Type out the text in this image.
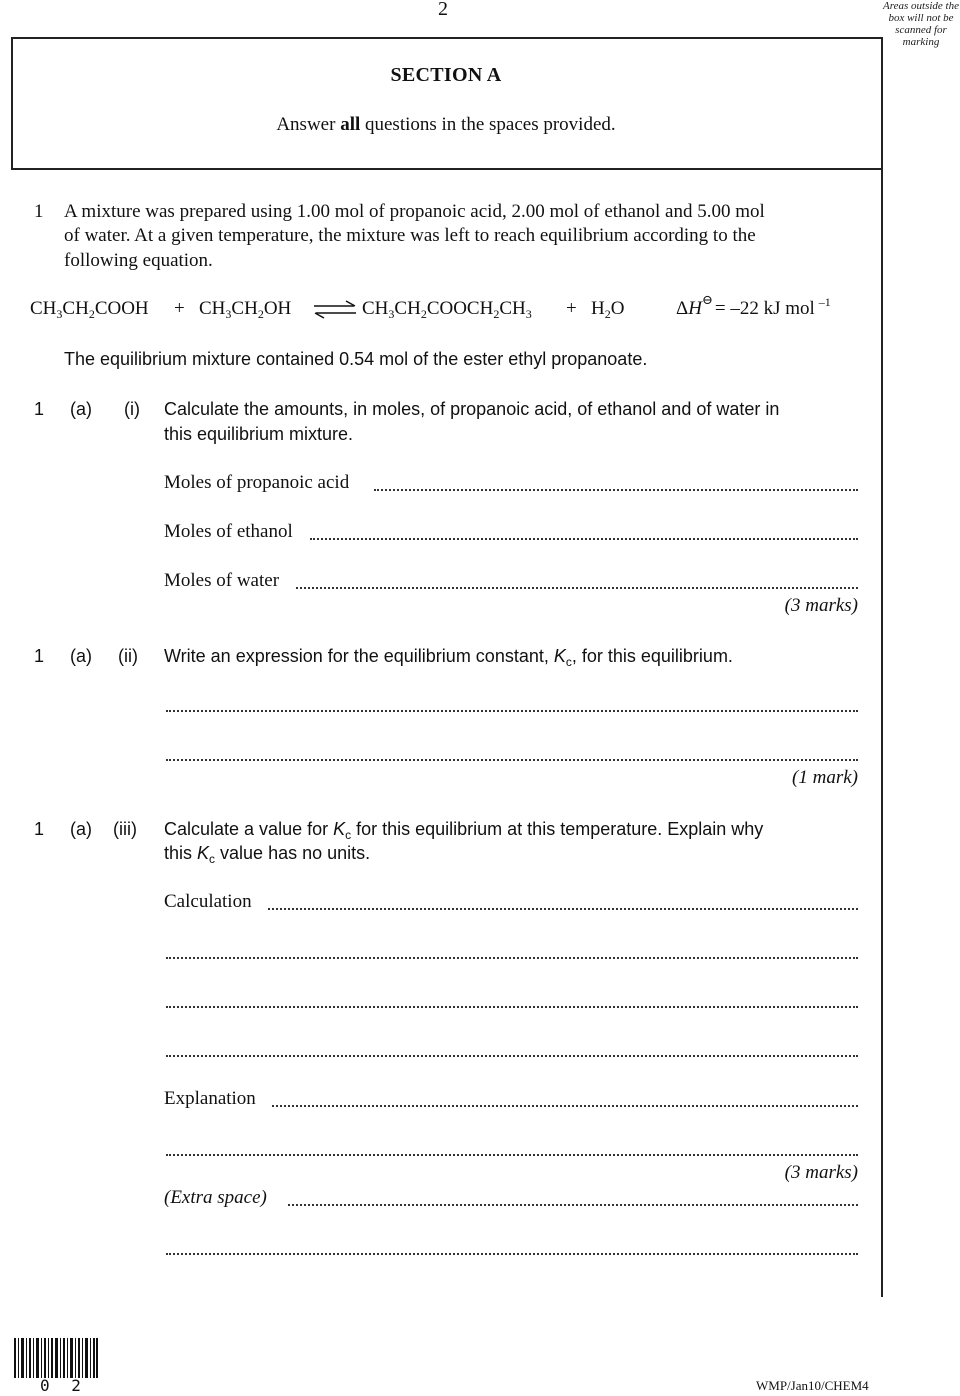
2	Areas outside the box will not be scanned for marking
SECTION A
Answer all questions in the spaces provided.
1 A mixture was prepared using 1.00 mol of propanoic acid, 2.00 mol of ethanol and 5.00 mol
of water. At a given temperature, the mixture was left to reach equilibrium according to the
following equation.
$CH_3CH_2COOH + CH_3CH_2OH$ ⇌ $CH_3CH_2COOCH_2CH_3 + H_2O$	ΔH⊖ = –22 kJ mol $^{-1}$
The equilibrium mixture contained 0.54 mol of the ester ethyl propanoate.
1 (a) (i) Calculate the amounts, in moles, of propanoic acid, of ethanol and of water in
this equilibrium mixture.
Moles of propanoic acid
Moles of ethanol
Moles of water
(3 marks)
1 (a) (ii) Write an expression for the equilibrium constant, $K_c$, for this equilibrium.
(1 mark)
1 (a) (iii) Calculate a value for $K_c$ for this equilibrium at this temperature. Explain why
this $K_c$ value has no units.
Calculation
Explanation
(3 marks)
(Extra space)
0 2	WMP/Jan10/CHEM4
